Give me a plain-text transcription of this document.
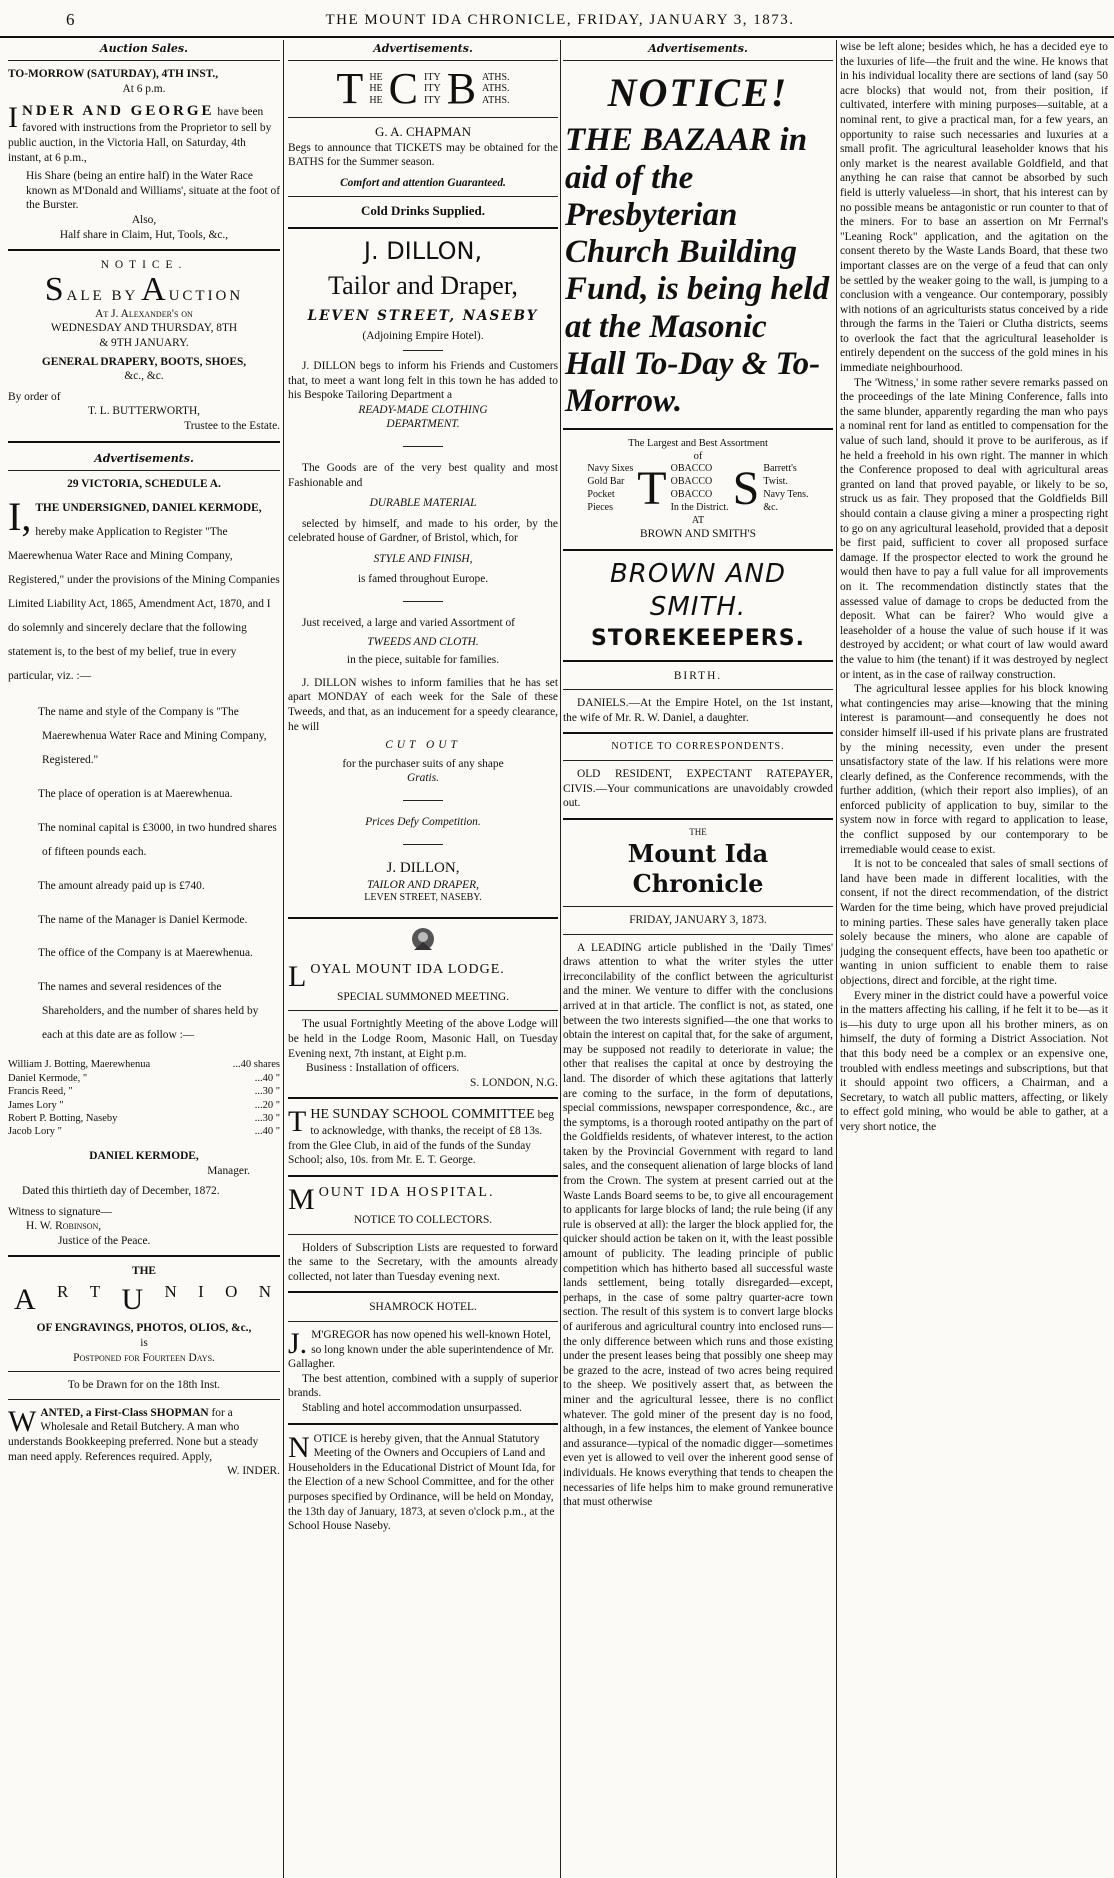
6	THE MOUNT IDA CHRONICLE, FRIDAY, JANUARY 3, 1873.
Auction Sales.
TO-MORROW (SATURDAY), 4TH INST.,
At 6 p.m.
I NDER AND GEORGE have been favored with instructions from the Proprietor to sell by public auction, in the Victoria Hall, on Saturday, 4th instant, at 6 p.m.,
His Share (being an entire half) in the Water Race known as M'Donald and Williams', situate at the foot of the Burster.
Also,
Half share in Claim, Hut, Tools, &c.,
NOTICE.
S ALE BY A UCTION
At J. Alexander's on
WEDNESDAY AND THURSDAY, 8TH
& 9TH JANUARY.
GENERAL DRAPERY, BOOTS, SHOES,
&c., &c.
By order of
T. L. BUTTERWORTH,
Trustee to the Estate.
Advertisements.
29 VICTORIA, SCHEDULE A.

I, THE UNDERSIGNED, DANIEL KERMODE, hereby make Application to Register "The Maerewhenua Water Race and Mining Company, Registered," under the provisions of the Mining Companies Limited Liability Act, 1865, Amendment Act, 1870, and I do solemnly and sincerely declare that the following statement is, to the best of my belief, true in every particular, viz. :—

The name and style of the Company is "The Maerewhenua Water Race and Mining Company, Registered."
The place of operation is at Maerewhenua.
The nominal capital is £3000, in two hundred shares of fifteen pounds each.
The amount already paid up is £740.
The name of the Manager is Daniel Kermode.
The office of the Company is at Maerewhenua.
The names and several residences of the Shareholders, and the number of shares held by each at this date are as follow :—
William J. Botting, Maerewhenua	...40 shares
Daniel Kermode, "	...40 "
Francis Reed, "	...30 "
James Lory "	...20 "
Robert P. Botting, Naseby	...30 "
Jacob Lory "	...40 "
DANIEL KERMODE,
Manager.
Dated this thirtieth day of December, 1872.
Witness to signature—
H. W. Robinson,
Justice of the Peace.
THE
A R T U N I O N
OF ENGRAVINGS, PHOTOS, OLIOS, &c.,
is
Postponed for Fourteen Days.
To be Drawn for on the 18th Inst.
W ANTED, a First-Class SHOPMAN for a Wholesale and Retail Butchery. A man who understands Bookkeeping preferred. None but a steady man need apply. References required. Apply,
W. INDER.
Advertisements.
T HE
HE
HE C ITY
ITY
ITY B ATHS.
ATHS.
ATHS.
G. A. CHAPMAN
Begs to announce that TICKETS may be obtained for the BATHS for the Summer season.
Comfort and attention Guaranteed.
Cold Drinks Supplied.
J. DILLON,
Tailor and Draper,
LEVEN STREET, NASEBY
(Adjoining Empire Hotel).
J. DILLON begs to inform his Friends and Customers that, to meet a want long felt in this town he has added to his Bespoke Tailoring Department a
READY-MADE CLOTHING
DEPARTMENT.
The Goods are of the very best quality and most Fashionable and
DURABLE MATERIAL
selected by himself, and made to his order, by the celebrated house of Gardner, of Bristol, which, for
STYLE AND FINISH,
is famed throughout Europe.
Just received, a large and varied Assortment of
TWEEDS AND CLOTH.
in the piece, suitable for families.
J. DILLON wishes to inform families that he has set apart MONDAY of each week for the Sale of these Tweeds, and that, as an inducement for a speedy clearance, he will
CUT OUT
for the purchaser suits of any shape
Gratis.
Prices Defy Competition.
J. DILLON,
TAILOR AND DRAPER,
LEVEN STREET, NASEBY.
L OYAL MOUNT IDA LODGE.
SPECIAL SUMMONED MEETING.
The usual Fortnightly Meeting of the above Lodge will be held in the Lodge Room, Masonic Hall, on Tuesday Evening next, 7th instant, at Eight p.m.
Business : Installation of officers.
S. LONDON, N.G.
T HE SUNDAY SCHOOL COMMITTEE beg to acknowledge, with thanks, the receipt of £8 13s. from the Glee Club, in aid of the funds of the Sunday School; also, 10s. from Mr. E. T. George.
M OUNT IDA HOSPITAL.
NOTICE TO COLLECTORS.
Holders of Subscription Lists are requested to forward the same to the Secretary, with the amounts already collected, not later than Tuesday evening next.
SHAMROCK HOTEL.
J. M'GREGOR has now opened his well-known Hotel, so long known under the able superintendence of Mr. Gallagher.
The best attention, combined with a supply of superior brands.
Stabling and hotel accommodation unsurpassed.
N OTICE is hereby given, that the Annual Statutory Meeting of the Owners and Occupiers of Land and Householders in the Educational District of Mount Ida, for the Election of a new School Committee, and for the other purposes specified by Ordinance, will be held on Monday, the 13th day of January, 1873, at seven o'clock p.m., at the School House Naseby.
Advertisements.
NOTICE!
THE BAZAAR in aid of the Presbyterian Church Building Fund, is being held at the Masonic Hall To-Day & To-Morrow.
The Largest and Best Assortment
of
Navy Sixes
Gold Bar
Pocket
Pieces T OBACCO
OBACCO
OBACCO
In the District. S Barrett's
Twist.
Navy Tens.
&c.
AT
BROWN AND SMITH'S
BROWN AND SMITH.
STOREKEEPERS.
BIRTH.
DANIELS.—At the Empire Hotel, on the 1st instant, the wife of Mr. R. W. Daniel, a daughter.
NOTICE TO CORRESPONDENTS.
OLD RESIDENT, EXPECTANT RATEPAYER, CIVIS.—Your communications are unavoidably crowded out.
THE
Mount Ida Chronicle
FRIDAY, JANUARY 3, 1873.
A LEADING article published in the 'Daily Times' draws attention to what the writer styles the utter irreconcilability of the conflict between the agriculturist and the miner. We venture to differ with the conclusions arrived at in that article. The conflict is not, as stated, one between the two interests signified—the one that works to obtain the interest on capital that, for the sake of argument, may be supposed not readily to deteriorate in value; the other that realises the capital at once by destroying the land. The disorder of which these agitations that latterly are coming to the surface, in the form of deputations, special commissions, newspaper correspondence, &c., are the symptoms, is a thorough rooted antipathy on the part of the Goldfields residents, of whatever interest, to the action taken by the Provincial Government with regard to land sales, and the consequent alienation of large blocks of land from the Crown. The system at present carried out at the Waste Lands Board seems to be, to give all encouragement to applicants for large blocks of land; the rule being (if any rule is observed at all): the larger the block applied for, the quicker should action be taken on it, with the least possible amount of publicity. The leading principle of public competition which has hitherto based all successful waste lands settlement, being totally disregarded—except, perhaps, in the case of some paltry quarter-acre town section. The result of this system is to convert large blocks of auriferous and agricultural country into enclosed runs—the only difference between which runs and those existing under the present leases being that possibly one sheep may be grazed to the acre, instead of two acres being required to the sheep. We positively assert that, as between the miner and the agricultural lessee, there is no conflict whatever. The gold miner of the present day is no food, although, in a few instances, the element of Yankee bounce and assurance—typical of the nomadic digger—sometimes even yet is allowed to veil over the inherent good sense of individuals. He knows everything that tends to cheapen the necessaries of life helps him to make ground remunerative that must otherwise
wise be left alone; besides which, he has a decided eye to the luxuries of life—the fruit and the wine. He knows that in his individual locality there are sections of land (say 50 acre blocks) that would not, from their position, if cultivated, interfere with mining purposes—suitable, at a nominal rent, to give a practical man, for a few years, an opportunity to raise such necessaries and luxuries at a small profit. The agricultural leaseholder knows that his only market is the nearest available Goldfield, and that anything he can raise that cannot be absorbed by such field is utterly valueless—in short, that his interest can by no possible means be antagonistic or run counter to that of the miners. For to base an assertion on Mr Ferrnal's "Leaning Rock" application, and the agitation on the consent thereto by the Waste Lands Board, that these two important classes are on the verge of a feud that can only be settled by the weaker going to the wall, is jumping to a conclusion with a vengeance. Our contemporary, possibly with notions of an agriculturists status conceived by a ride through the farms in the Taieri or Clutha districts, seems to overlook the fact that the agricultural leaseholder is entirely dependent on the success of the gold mines in his immediate neighbourhood.
The 'Witness,' in some rather severe remarks passed on the proceedings of the late Mining Conference, falls into the same blunder, apparently regarding the man who pays a nominal rent for land as entitled to compensation for the value of such land, should it prove to be auriferous, as if he held a freehold in his own right. The manner in which the Conference proposed to deal with agricultural areas granted on land that proved payable, or likely to be so, struck us as fair. They proposed that the Goldfields Bill should contain a clause giving a miner a prospecting right to go on any agricultural leasehold, provided that a deposit be first paid, sufficient to cover all proposed surface damage. If the prospector elected to work the ground he would then have to pay a full value for all improvements on it. The recommendation distinctly states that the assessed value of damage to crops be deducted from the deposit. What can be fairer? Who would give a leaseholder of a house the value of such house if it was destroyed by accident; or what court of law would award the value to him (the tenant) if it was destroyed by neglect or intent, as in the case of railway construction.
The agricultural lessee applies for his block knowing what contingencies may arise—knowing that the mining interest is paramount—and consequently he does not consider himself ill-used if his private plans are frustrated by the mining necessity, even under the present unsatisfactory state of the law. If his relations were more clearly defined, as the Conference recommends, with the further addition, (which their report also implies), of an enforced publicity of application to buy, similar to the system now in force with regard to application to lease, the conflict supposed by our contemporary to be irremediable would cease to exist.
It is not to be concealed that sales of small sections of land have been made in different localities, with the consent, if not the direct recommendation, of the district Warden for the time being, which have proved prejudicial to mining parties. These sales have generally taken place solely because the miners, who alone are capable of judging the consequent effects, have been too apathetic or wanting in union sufficient to enable them to raise objections, direct and forcible, at the right time.
Every miner in the district could have a powerful voice in the matters affecting his calling, if he felt it to be—as it is—his duty to urge upon all his brother miners, as on himself, the duty of forming a District Association. Not that this body need be a complex or an expensive one, troubled with endless meetings and subscriptions, but that it should appoint two officers, a Chairman, and a Secretary, to watch all public matters, affecting, or likely to effect gold mining, who would be able to gather, at a very short notice, the
